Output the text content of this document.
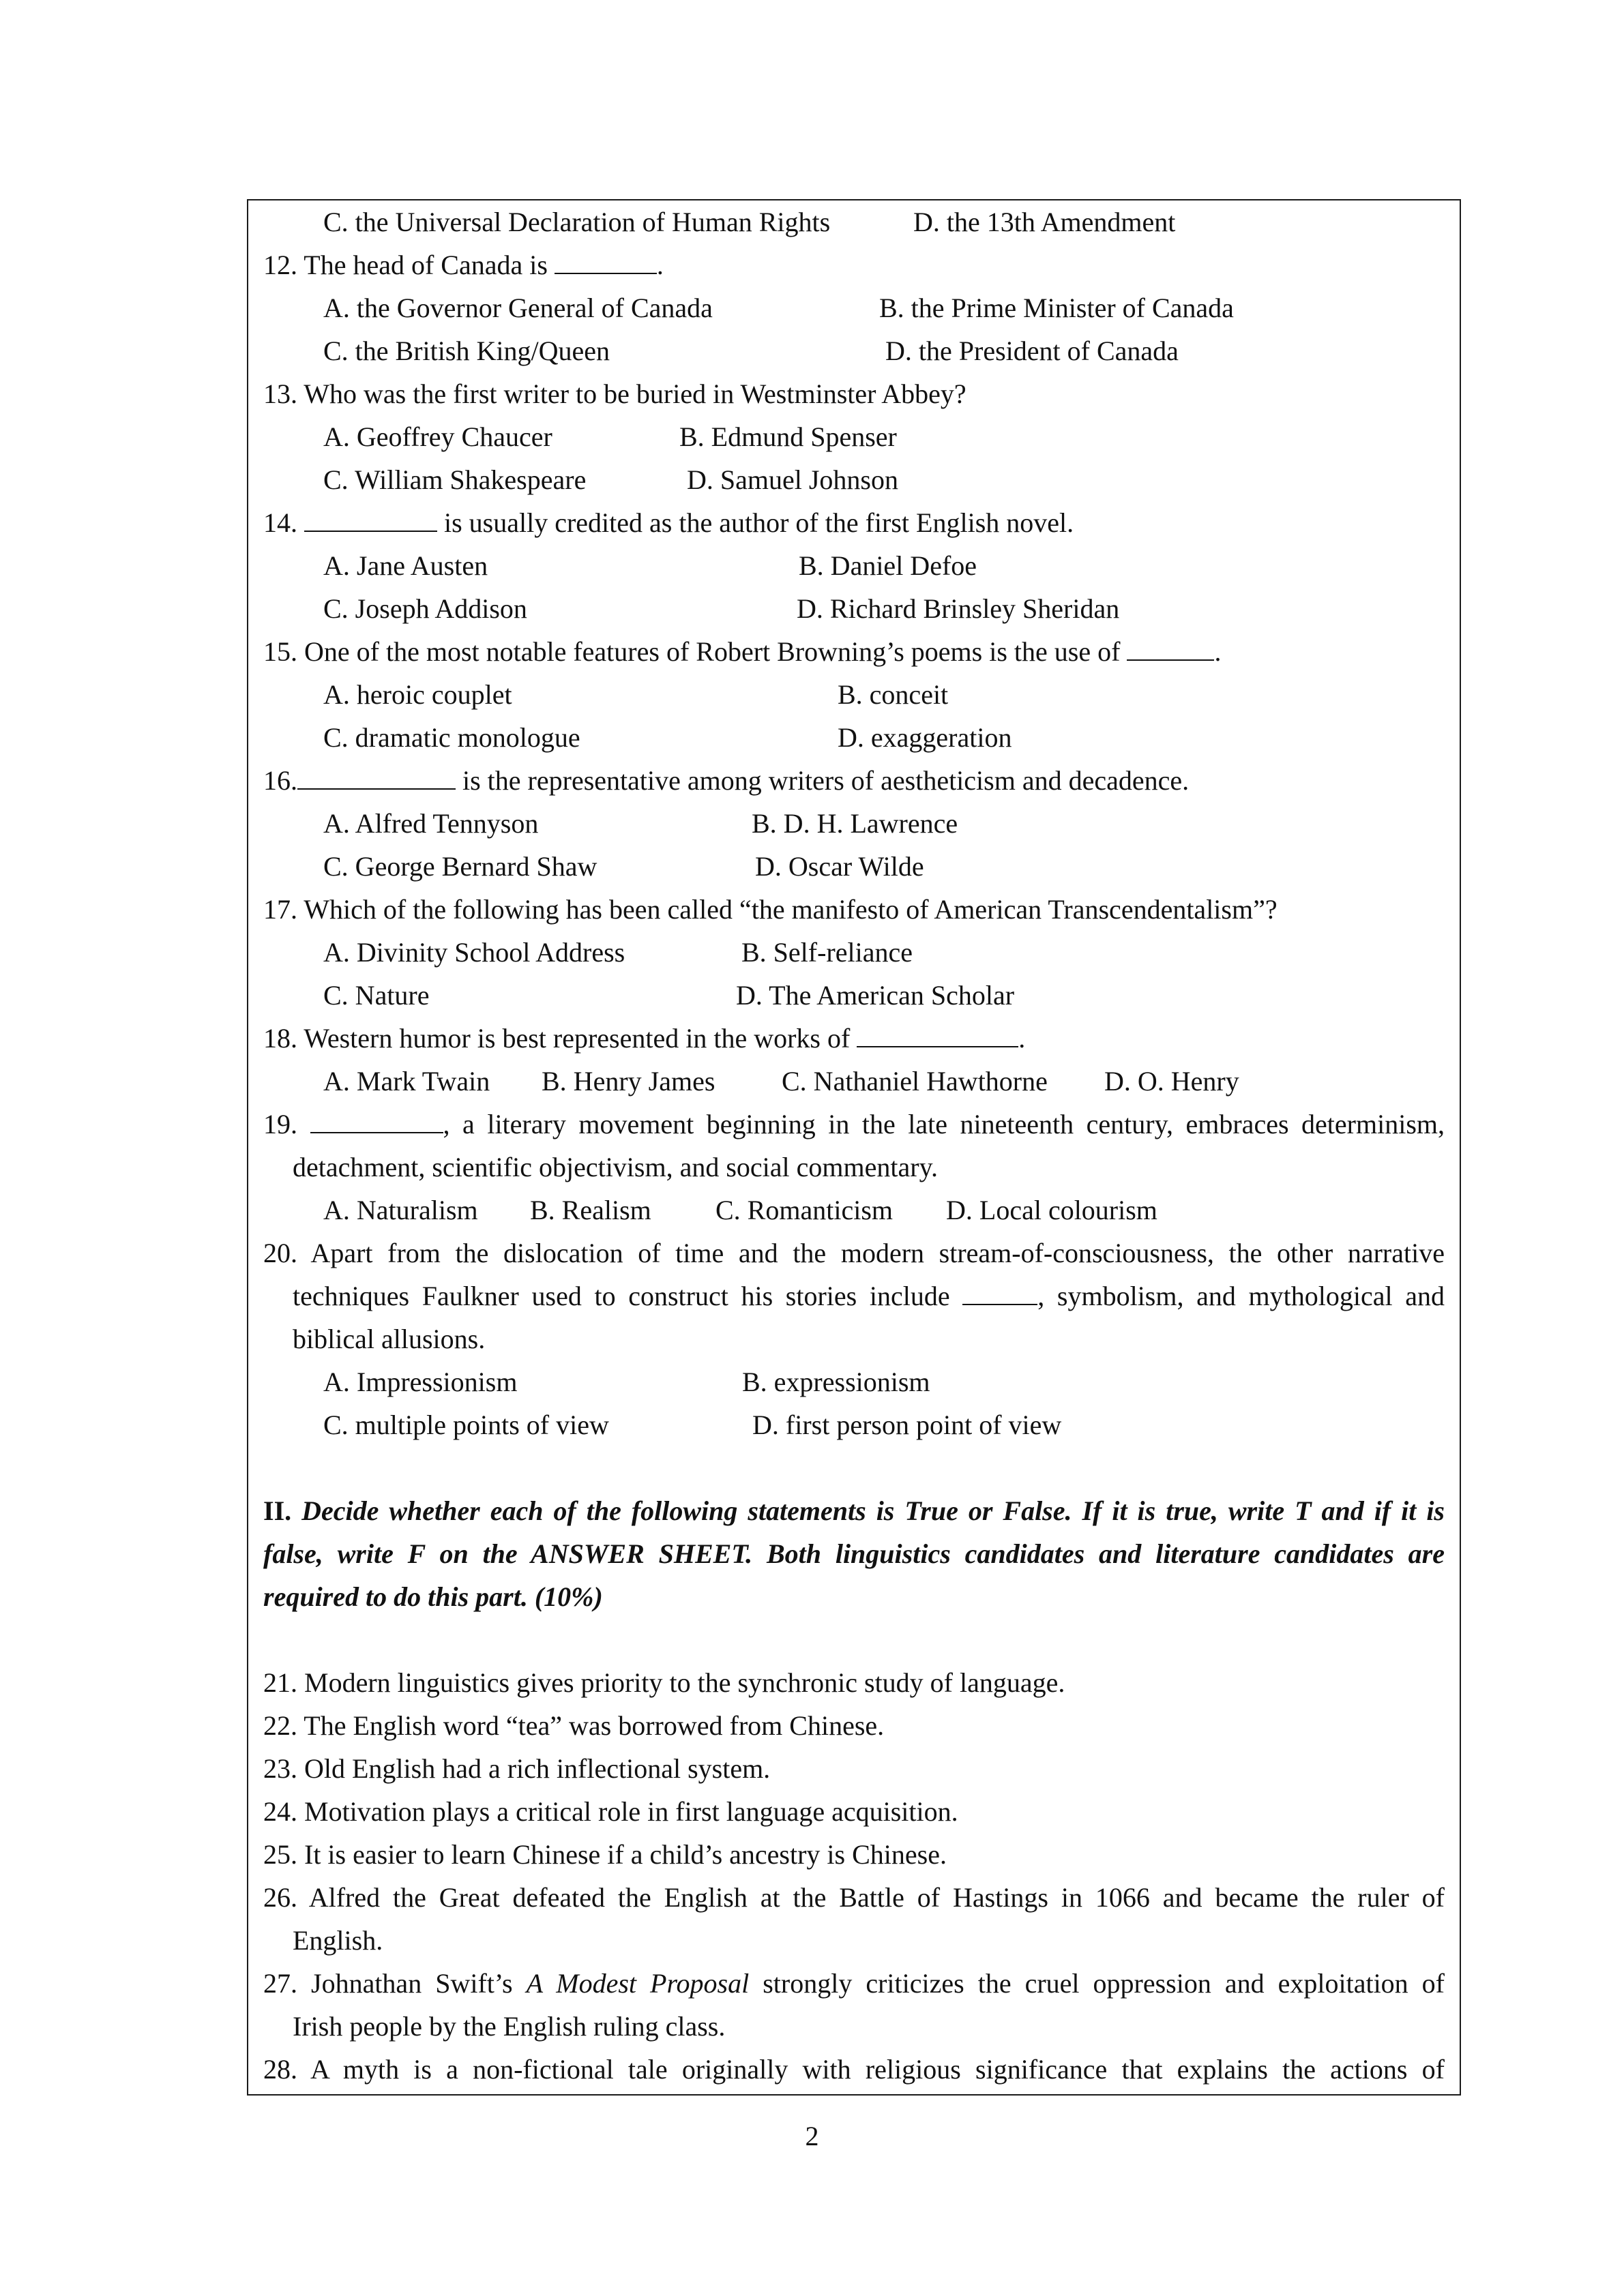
C. the Universal Declaration of Human Rights	D. the 13th Amendment
12. The head of Canada is	.
A. the Governor General of Canada	B. the Prime Minister of Canada
C. the British King/Queen	D. the President of Canada
13. Who was the first writer to be buried in Westminster Abbey?
A. Geoffrey Chaucer	B. Edmund Spenser
C. William Shakespeare	D. Samuel Johnson
14.	is usually credited as the author of the first English novel.
A. Jane Austen	B. Daniel Defoe
C. Joseph Addison	D. Richard Brinsley Sheridan
15. One of the most notable features of Robert Browning’s poems is the use of	.
A. heroic couplet	B. conceit
C. dramatic monologue	D. exaggeration
16.	is the representative among writers of aestheticism and decadence.
A. Alfred Tennyson	B. D. H. Lawrence
C. George Bernard Shaw	D. Oscar Wilde
17. Which of the following has been called “the manifesto of American Transcendentalism”?
A. Divinity School Address	B. Self-reliance
C. Nature	D. The American Scholar
18. Western humor is best represented in the works of	.
A. Mark Twain B. Henry James C. Nathaniel Hawthorne D. O. Henry
19.	, a literary movement beginning in the late nineteenth century, embraces determinism,
detachment, scientific objectivism, and social commentary.
A. Naturalism B. Realism C. Romanticism D. Local colourism
20. Apart from the dislocation of time and the modern stream-of-consciousness, the other narrative
techniques Faulkner used to construct his stories include	, symbolism, and mythological and
biblical allusions.
A. Impressionism	B. expressionism
C. multiple points of view	D. first person point of view
II. Decide whether each of the following statements is True or False. If it is true, write T and if it is
false, write F on the ANSWER SHEET. Both linguistics candidates and literature candidates are
required to do this part. (10%)
21. Modern linguistics gives priority to the synchronic study of language.
22. The English word “tea” was borrowed from Chinese.
23. Old English had a rich inflectional system.
24. Motivation plays a critical role in first language acquisition.
25. It is easier to learn Chinese if a child’s ancestry is Chinese.
26. Alfred the Great defeated the English at the Battle of Hastings in 1066 and became the ruler of
English.
27. Johnathan Swift’s A Modest Proposal strongly criticizes the cruel oppression and exploitation of
Irish people by the English ruling class.
28. A myth is a non-fictional tale originally with religious significance that explains the actions of
2
